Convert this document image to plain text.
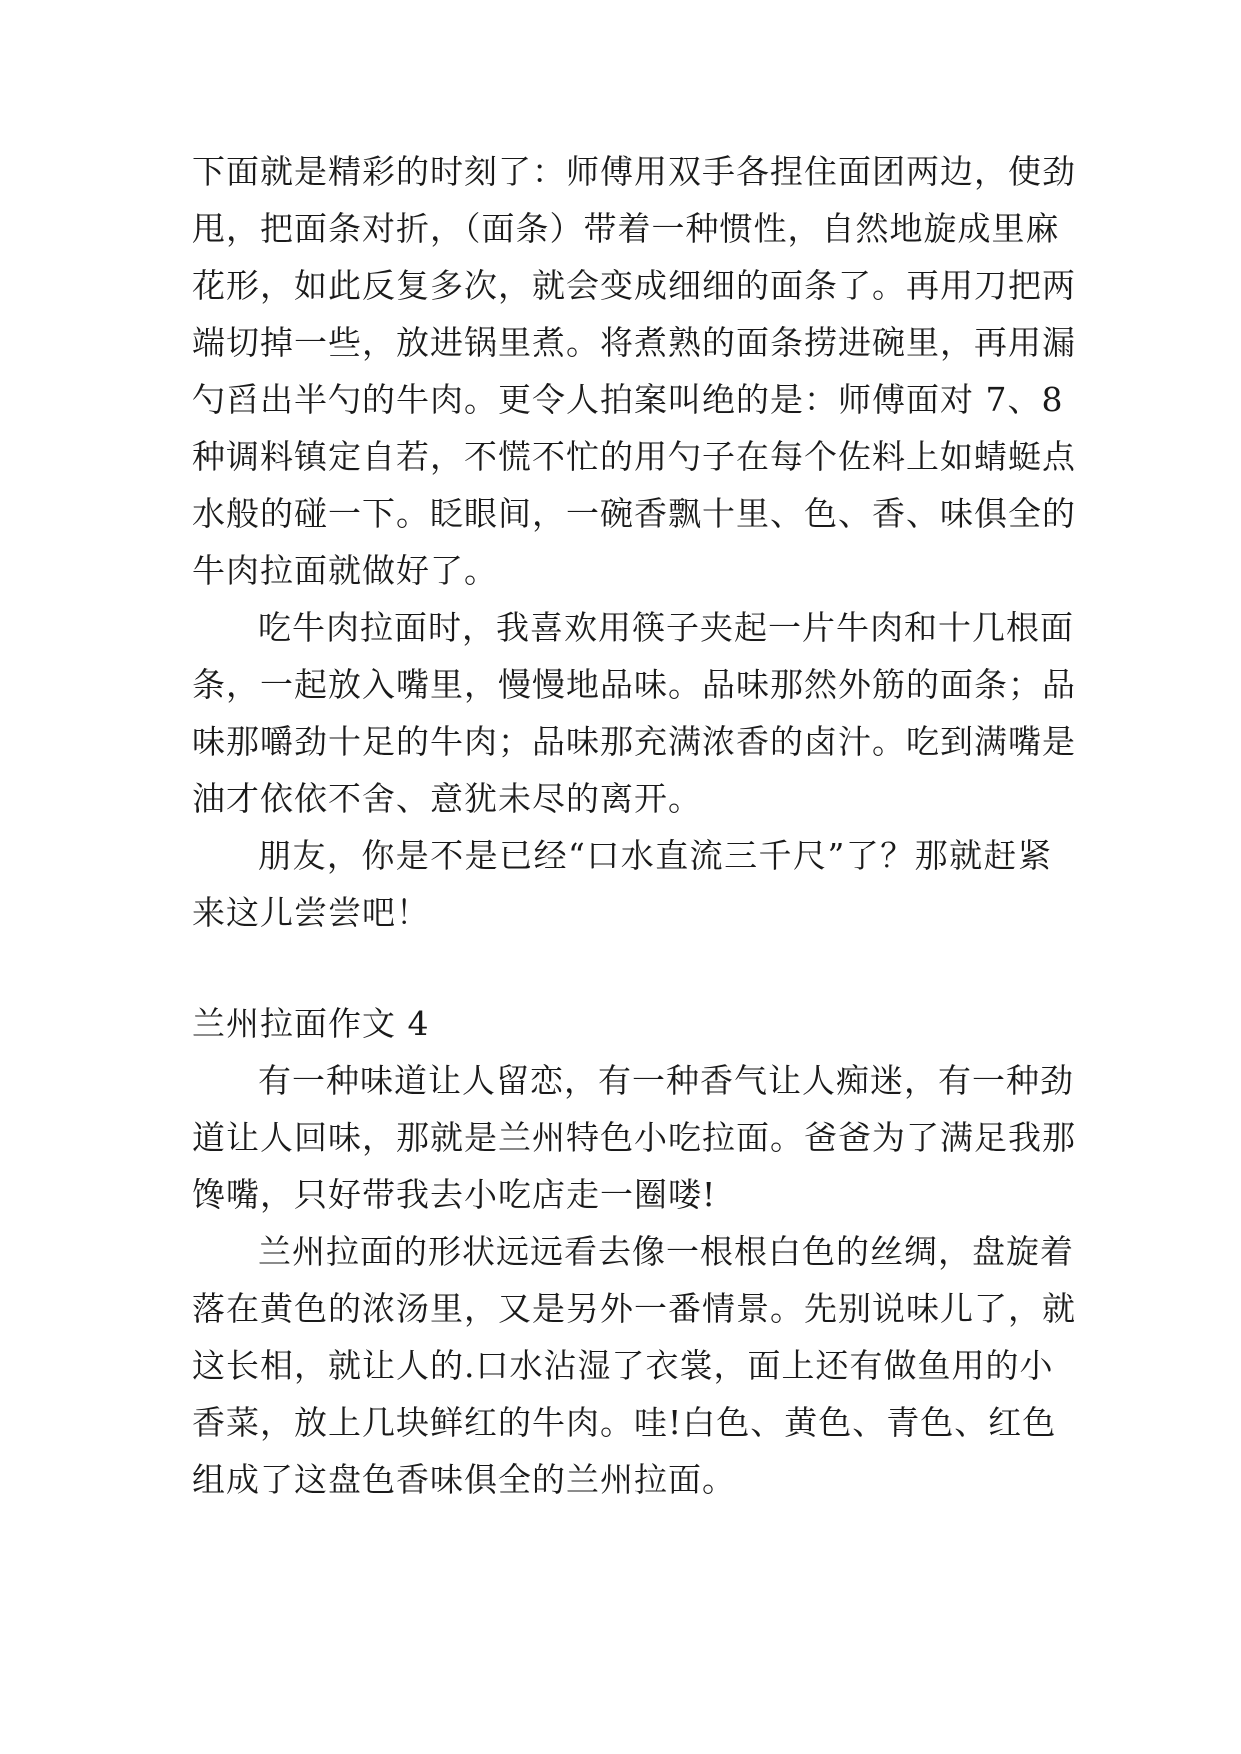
下面就是精彩的时刻了：师傅用双手各捏住面团两边，使劲
甩，把面条对折，（面条）带着一种惯性，自然地旋成里麻
花形，如此反复多次，就会变成细细的面条了。再用刀把两
端切掉一些，放进锅里煮。将煮熟的面条捞进碗里，再用漏
勺舀出半勺的牛肉。更令人拍案叫绝的是：师傅面对 7、8
种调料镇定自若，不慌不忙的用勺子在每个佐料上如蜻蜓点
水般的碰一下。眨眼间，一碗香飘十里、色、香、味俱全的
牛肉拉面就做好了。
吃牛肉拉面时，我喜欢用筷子夹起一片牛肉和十几根面
条，一起放入嘴里，慢慢地品味。品味那然外筋的面条；品
味那嚼劲十足的牛肉；品味那充满浓香的卤汁。吃到满嘴是
油才依依不舍、意犹未尽的离开。
朋友，你是不是已经“口水直流三千尺”了？那就赶紧
来这儿尝尝吧！
兰州拉面作文 4
有一种味道让人留恋，有一种香气让人痴迷，有一种劲
道让人回味，那就是兰州特色小吃拉面。爸爸为了满足我那
馋嘴，只好带我去小吃店走一圈喽!
兰州拉面的形状远远看去像一根根白色的丝绸，盘旋着
落在黄色的浓汤里，又是另外一番情景。先别说味儿了，就
这长相，就让人的.口水沾湿了衣裳，面上还有做鱼用的小
香菜，放上几块鲜红的牛肉。哇!白色、黄色、青色、红色
组成了这盘色香味俱全的兰州拉面。
